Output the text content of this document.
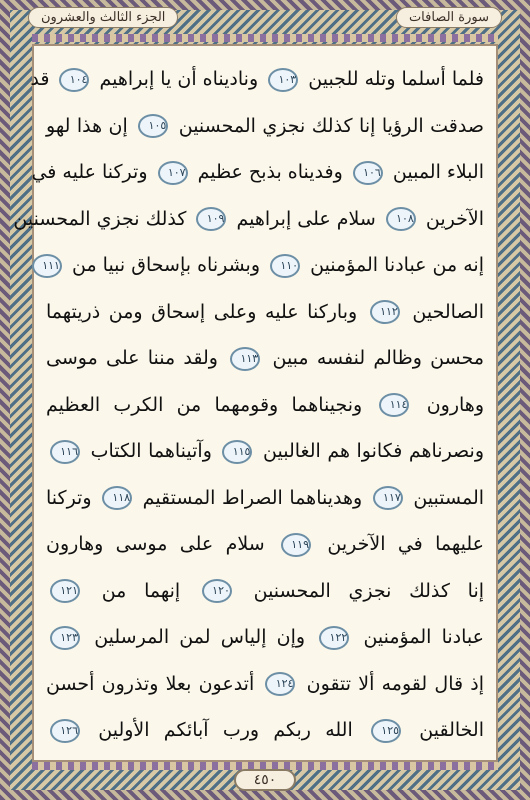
الجزء الثالث والعشرون	سورة الصافات
فلما أسلما وتله للجبين ١٠٣ وناديناه أن يا إبراهيم ١٠٤ قد
صدقت الرؤيا إنا كذلك نجزي المحسنين ١٠٥ إن هذا لهو
البلاء المبين ١٠٦ وفديناه بذبح عظيم ١٠٧ وتركنا عليه في
الآخرين ١٠٨ سلام على إبراهيم ١٠٩ كذلك نجزي المحسنين
إنه من عبادنا المؤمنين ١١٠ وبشرناه بإسحاق نبيا من ١١١
الصالحين ١١٢ وباركنا عليه وعلى إسحاق ومن ذريتهما
محسن وظالم لنفسه مبين ١١٣ ولقد مننا على موسى
وهارون ١١٤ ونجيناهما وقومهما من الكرب العظيم
ونصرناهم فكانوا هم الغالبين ١١٥ وآتيناهما الكتاب ١١٦
المستبين ١١٧ وهديناهما الصراط المستقيم ١١٨ وتركنا
عليهما في الآخرين ١١٩ سلام على موسى وهارون
إنا كذلك نجزي المحسنين ١٢٠ إنهما من ١٢١
عبادنا المؤمنين ١٢٢ وإن إلياس لمن المرسلين ١٢٣
إذ قال لقومه ألا تتقون ١٢٤ أتدعون بعلا وتذرون أحسن
الخالقين ١٢٥ الله ربكم ورب آبائكم الأولين ١٢٦
٤٥٠
